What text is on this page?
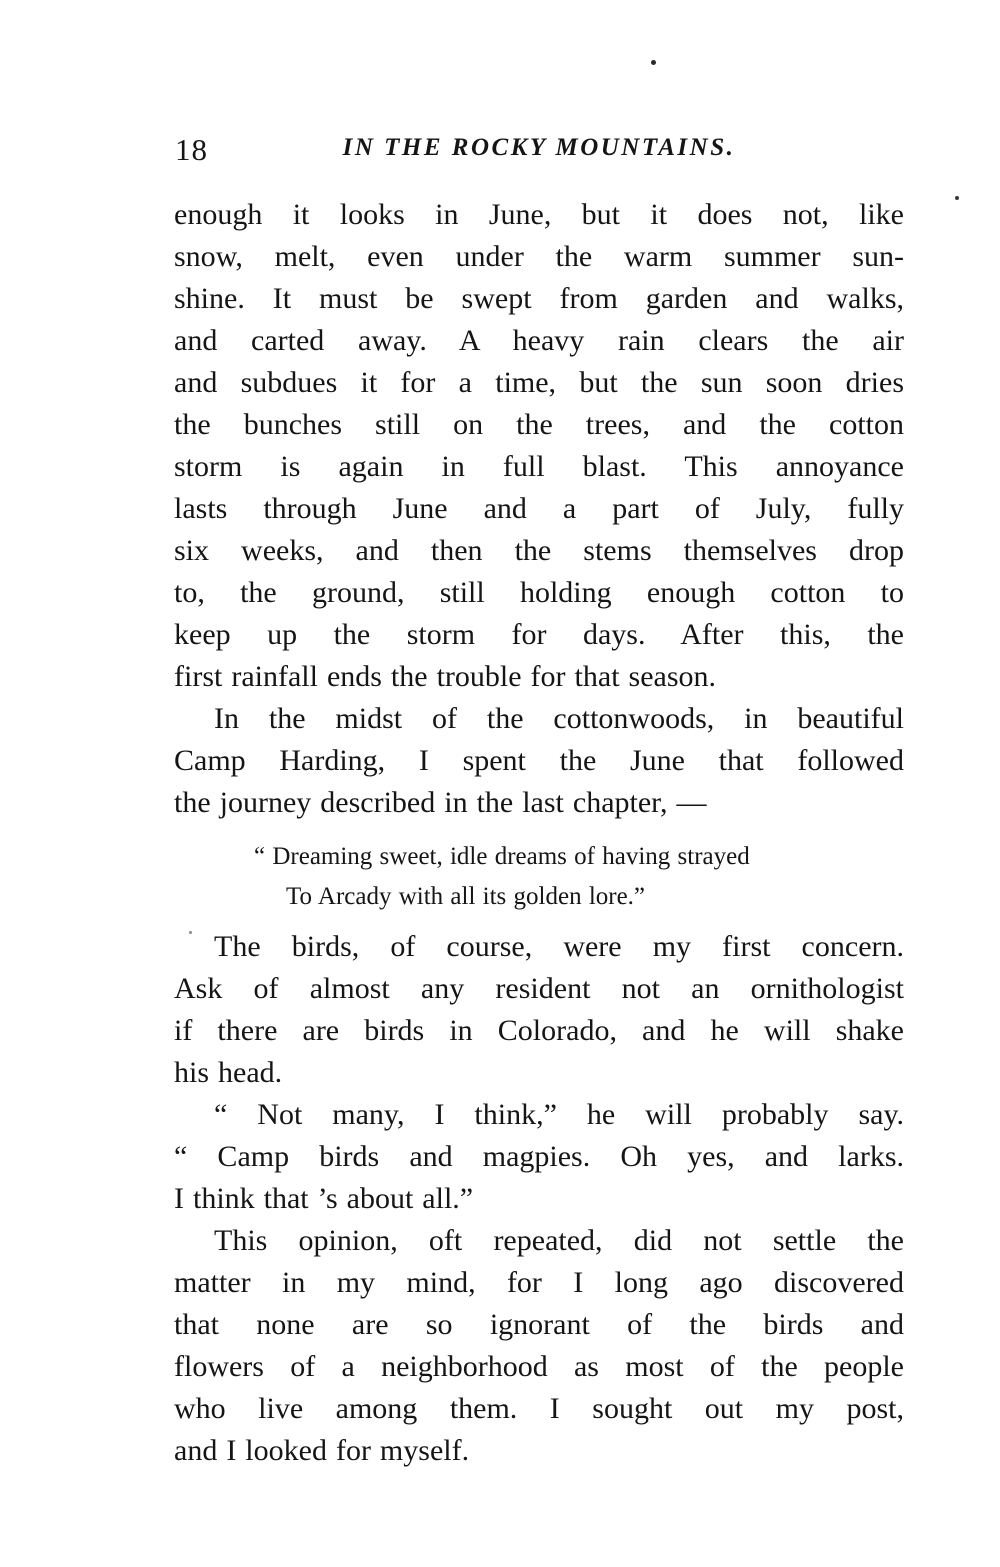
18	IN THE ROCKY MOUNTAINS.
enough it looks in June, but it does not, like
snow, melt, even under the warm summer sun-
shine. It must be swept from garden and walks,
and carted away. A heavy rain clears the air
and subdues it for a time, but the sun soon dries
the bunches still on the trees, and the cotton
storm is again in full blast. This annoyance
lasts through June and a part of July, fully
six weeks, and then the stems themselves drop
to, the ground, still holding enough cotton to
keep up the storm for days. After this, the
first rainfall ends the trouble for that season.
In the midst of the cottonwoods, in beautiful
Camp Harding, I spent the June that followed
the journey described in the last chapter, —
“ Dreaming sweet, idle dreams of having strayed
To Arcady with all its golden lore.”
The birds, of course, were my first concern.
Ask of almost any resident not an ornithologist
if there are birds in Colorado, and he will shake
his head.
“ Not many, I think,” he will probably say.
“ Camp birds and magpies. Oh yes, and larks.
I think that ’s about all.”
This opinion, oft repeated, did not settle the
matter in my mind, for I long ago discovered
that none are so ignorant of the birds and
flowers of a neighborhood as most of the people
who live among them. I sought out my post,
and I looked for myself.
